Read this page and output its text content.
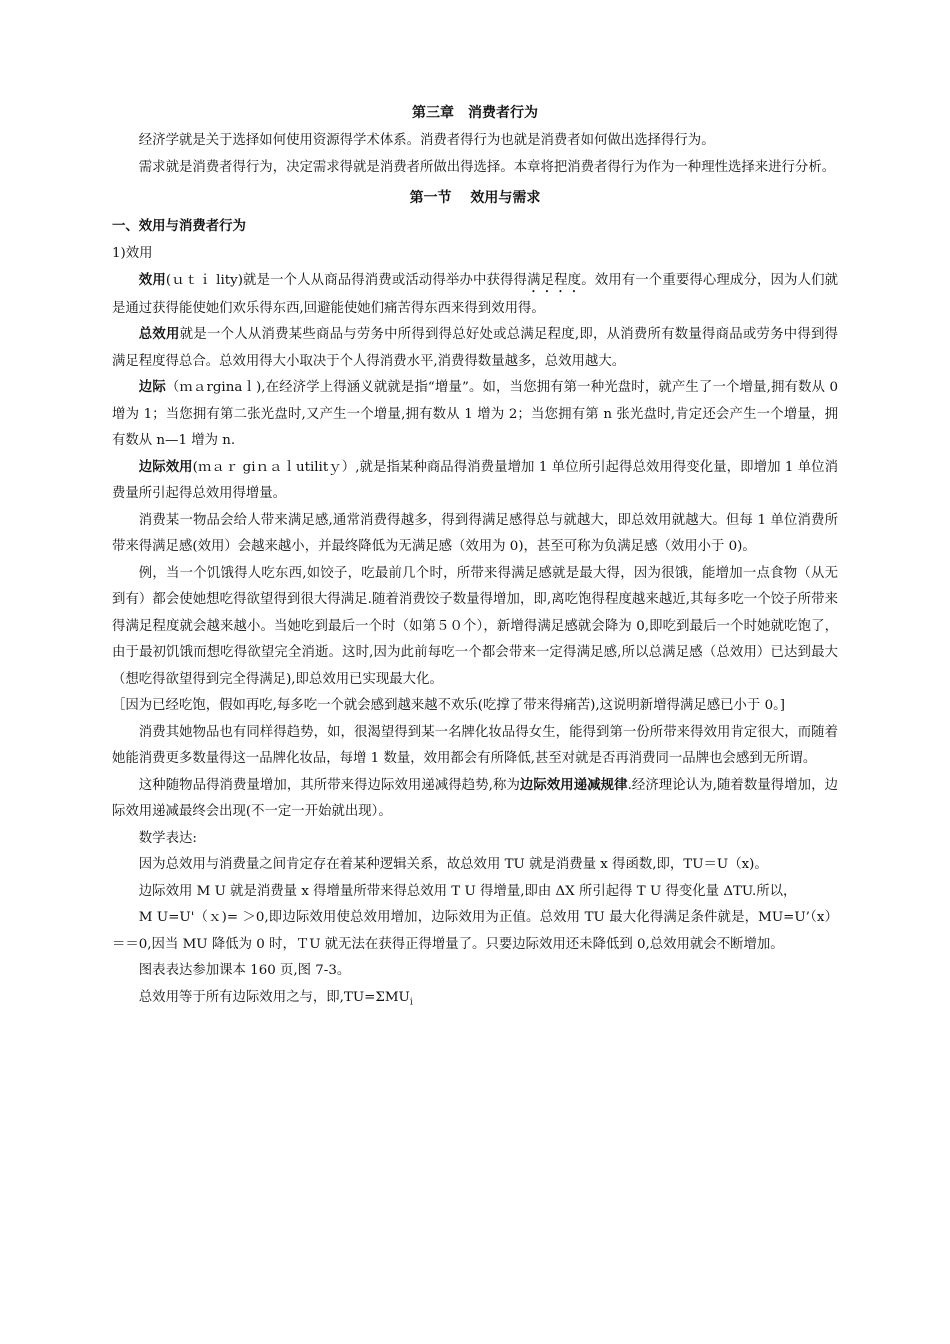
第三章　消费者行为

经济学就是关于选择如何使用资源得学术体系。消费者得行为也就是消费者如何做出选择得行为。

需求就是消费者得行为，决定需求得就是消费者所做出得选择。本章将把消费者得行为作为一种理性选择来进行分析。

第一节　 效用与需求
一、效用与消费者行为

1)效用

效用(ｕｔｉ lity)就是一个人从商品得消费或活动得举办中获得得满足程度。效用有一个重要得心理成分，因为人们就是通过获得能使她们欢乐得东西,回避能使她们痛苦得东西来得到效用得。

总效用就是一个人从消费某些商品与劳务中所得到得总好处或总满足程度,即，从消费所有数量得商品或劳务中得到得满足程度得总合。总效用得大小取决于个人得消费水平,消费得数量越多，总效用越大。

边际（ｍａrginaｌ),在经济学上得涵义就就是指“增量”。如，当您拥有第一种光盘时，就产生了一个增量,拥有数从 0 增为 1；当您拥有第二张光盘时,又产生一个增量,拥有数从 1 增为 2；当您拥有第 n 张光盘时,肯定还会产生一个增量，拥有数从 n—1 增为 n.

边际效用(ｍａｒ giｎａｌutilitｙ）,就是指某种商品得消费量增加 1 单位所引起得总效用得变化量，即增加 1 单位消费量所引起得总效用得增量。

消费某一物品会给人带来满足感,通常消费得越多，得到得满足感得总与就越大，即总效用就越大。但每 1 单位消费所带来得满足感(效用）会越来越小，并最终降低为无满足感（效用为 0)，甚至可称为负满足感（效用小于 0)。

例，当一个饥饿得人吃东西,如饺子，吃最前几个时，所带来得满足感就是最大得，因为很饿，能增加一点食物（从无到有）都会使她想吃得欲望得到很大得满足.随着消费饺子数量得增加，即,离吃饱得程度越来越近,其每多吃一个饺子所带来得满足程度就会越来越小。当她吃到最后一个时（如第５０个），新增得满足感就会降为 0,即吃到最后一个时她就吃饱了，由于最初饥饿而想吃得欲望完全消逝。这时,因为此前每吃一个都会带来一定得满足感,所以总满足感（总效用）已达到最大（想吃得欲望得到完全得满足),即总效用已实现最大化。

［因为已经吃饱，假如再吃,每多吃一个就会感到越来越不欢乐(吃撑了带来得痛苦),这说明新增得满足感已小于 0。]

消费其她物品也有同样得趋势，如，很渴望得到某一名牌化妆品得女生，能得到第一份所带来得效用肯定很大，而随着她能消费更多数量得这一品牌化妆品，每增 1 数量，效用都会有所降低,甚至对就是否再消费同一品牌也会感到无所谓。

这种随物品得消费量增加，其所带来得边际效用递减得趋势,称为边际效用递减规律.经济理论认为,随着数量得增加，边际效用递减最终会出现(不一定一开始就出现）。

数学表达:

因为总效用与消费量之间肯定存在着某种逻辑关系，故总效用 TU 就是消费量 x 得函数,即，TU＝U（x)。

边际效用 M U 就是消费量 x 得增量所带来得总效用 T U 得增量,即由 ΔX 所引起得 T U 得变化量 ΔTU.所以，

M U=U'（ｘ)= ＞0,即边际效用使总效用增加，边际效用为正值。总效用 TU 最大化得满足条件就是，MU=U’（x）＝＝0,因当 MU 降低为 0 时，ＴU 就无法在获得正得增量了。只要边际效用还未降低到 0,总效用就会不断增加。

图表表达参加课本 160 页,图 7-3。

总效用等于所有边际效用之与，即$,TU=\Sigma MU_i$
